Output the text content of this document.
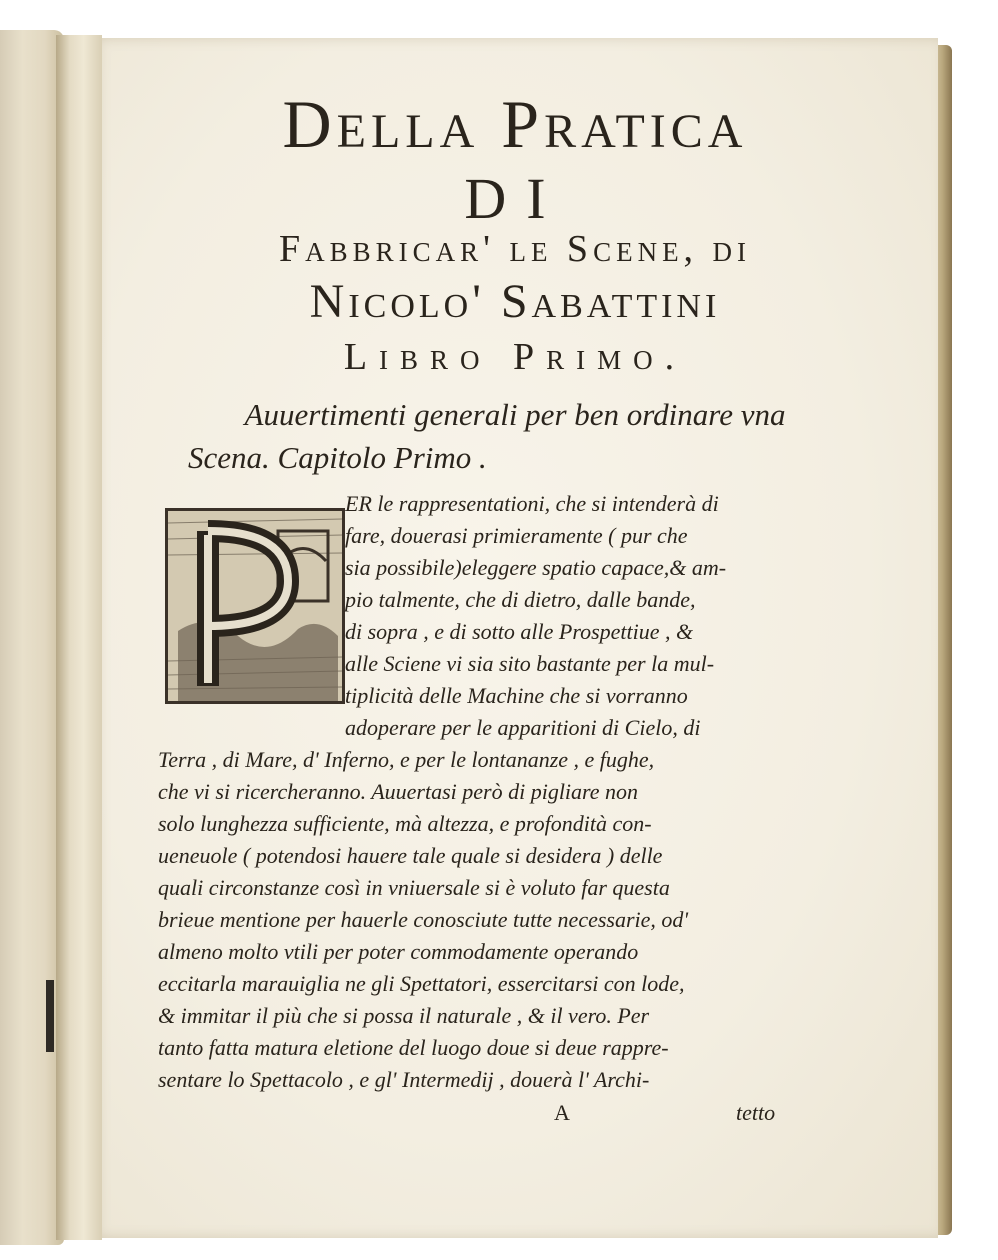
Della Pratica
DI
Fabbricar' le Scene, di
Nicolo' Sabattini
Libro Primo.
Auuertimenti generali per ben ordinare vna
Scena. Capitolo Primo .
ER le rappresentationi, che si intenderà di
fare, douerasi primieramente ( pur che
sia possibile)eleggere spatio capace,& am-
pio talmente, che di dietro, dalle bande,
di sopra , e di sotto alle Prospettiue , &
alle Sciene vi sia sito bastante per la mul-
tiplicità delle Machine che si vorranno
adoperare per le apparitioni di Cielo, di
Terra , di Mare, d' Inferno, e per le lontananze , e fughe,
che vi si ricercheranno. Auuertasi però di pigliare non
solo lunghezza sufficiente, mà altezza, e profondità con-
ueneuole ( potendosi hauere tale quale si desidera ) delle
quali circonstanze così in vniuersale si è voluto far questa
brieue mentione per hauerle conosciute tutte necessarie, od'
almeno molto vtili per poter commodamente operando
eccitarla marauiglia ne gli Spettatori, essercitarsi con lode,
& immitar il più che si possa il naturale , & il vero. Per
tanto fatta matura eletione del luogo doue si deue rappre-
sentare lo Spettacolo , e gl' Intermedij , douerà l' Archi-
A	tetto
